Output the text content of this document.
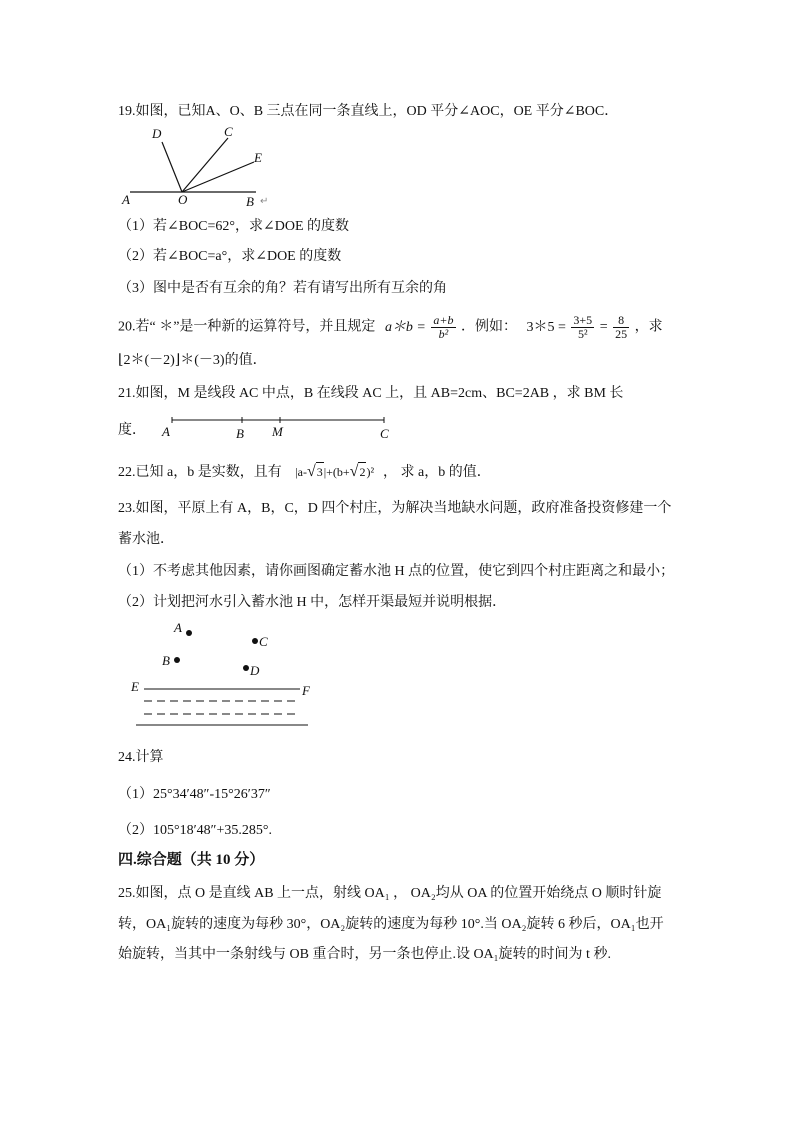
19.如图，已知A、O、B 三点在同一条直线上，OD 平分∠AOC，OE 平分∠BOC．
D	C
E
A	O	B ↵
（1）若∠BOC=62°，求∠DOE 的度数
（2）若∠BOC=a°，求∠DOE 的度数
（3）图中是否有互余的角？若有请写出所有互余的角
20.若“ ＊”是一种新的运算符号，并且规定 a＊b = $\frac{a+b}{\text{b²}}$ ．例如： 3＊5 = $\frac{3+5}{\text{5²}} = \frac{8}{25}$ ，求
⌊2＊(－2)⌋＊(－3)的值．
21.如图，M 是线段 AC 中点，B 在线段 AC 上，且 AB=2cm、BC=2AB ，求 BM 长
度． A	B M	C
22.已知 a，b 是实数，且有 |a-√3|+(b+√2)² ， 求 a，b 的值．
23.如图，平原上有 A，B，C，D 四个村庄，为解决当地缺水问题，政府准备投资修建一个
蓄水池．
（1）不考虑其他因素，请你画图确定蓄水池 H 点的位置，使它到四个村庄距离之和最小；
（2）计划把河水引入蓄水池 H 中，怎样开渠最短并说明根据．
A
C
B
D
E	F
24.计算
（1）25°34′48″-15°26′37″
（2）105°18′48″+35.285°.
四.综合题（共 10 分）
25.如图，点 O 是直线 AB 上一点，射线 OA₁ ， OA₂均从 OA 的位置开始绕点 O 顺时针旋
转，OA₁旋转的速度为每秒 30°，OA₂旋转的速度为每秒 10°.当 OA₂旋转 6 秒后，OA₁也开
始旋转，当其中一条射线与 OB 重合时，另一条也停止.设 OA₁旋转的时间为 t 秒.
